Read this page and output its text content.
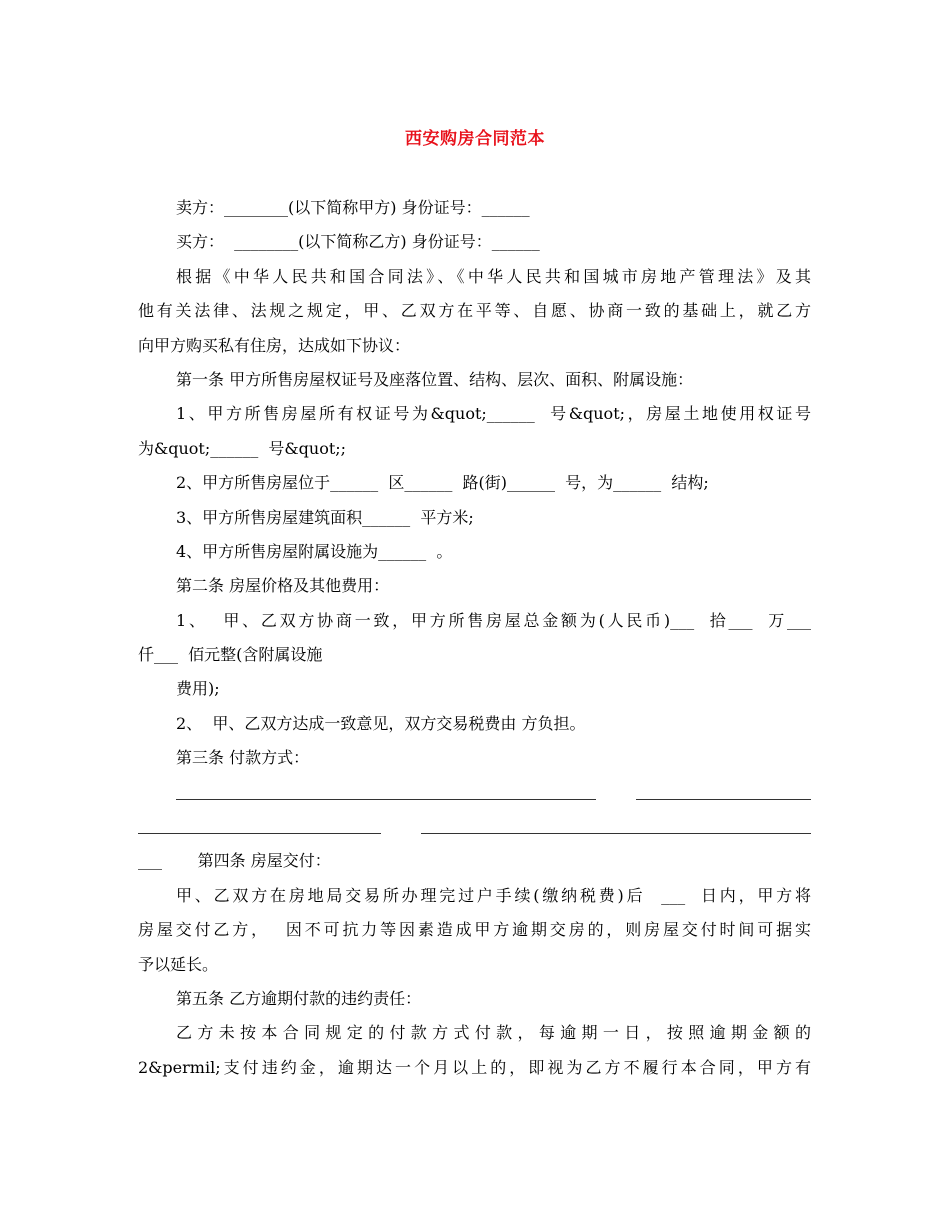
西安购房合同范本
卖方：________(以下简称甲方) 身份证号：______
买方：  ________(以下简称乙方) 身份证号：______
根据《中华人民共和国合同法》、《中华人民共和国城市房地产管理法》及其
他有关法律、法规之规定，甲、乙双方在平等、自愿、协商一致的基础上，就乙方
向甲方购买私有住房，达成如下协议：
第一条 甲方所售房屋权证号及座落位置、结构、层次、面积、附属设施：
1、甲方所售房屋所有权证号为&quot;______  号&quot;，房屋土地使用权证号
为&quot;______  号&quot;;
2、甲方所售房屋位于______  区______  路(街)______  号，为______  结构;
3、甲方所售房屋建筑面积______  平方米;
4、甲方所售房屋附属设施为______  。
第二条 房屋价格及其他费用：
1、  甲、乙双方协商一致，甲方所售房屋总金额为(人民币)___  拾___  万___
仟___  佰元整(含附属设施
费用);
2、  甲、乙双方达成一致意见，双方交易税费由 方负担。
第三条 付款方式：
___       第四条 房屋交付：
甲、乙双方在房地局交易所办理完过户手续(缴纳税费)后  ___  日内，甲方将
房屋交付乙方，  因不可抗力等因素造成甲方逾期交房的，则房屋交付时间可据实
予以延长。
第五条 乙方逾期付款的违约责任：
乙方未按本合同规定的付款方式付款，每逾期一日，按照逾期金额的
2&permil;支付违约金，逾期达一个月以上的，即视为乙方不履行本合同，甲方有
